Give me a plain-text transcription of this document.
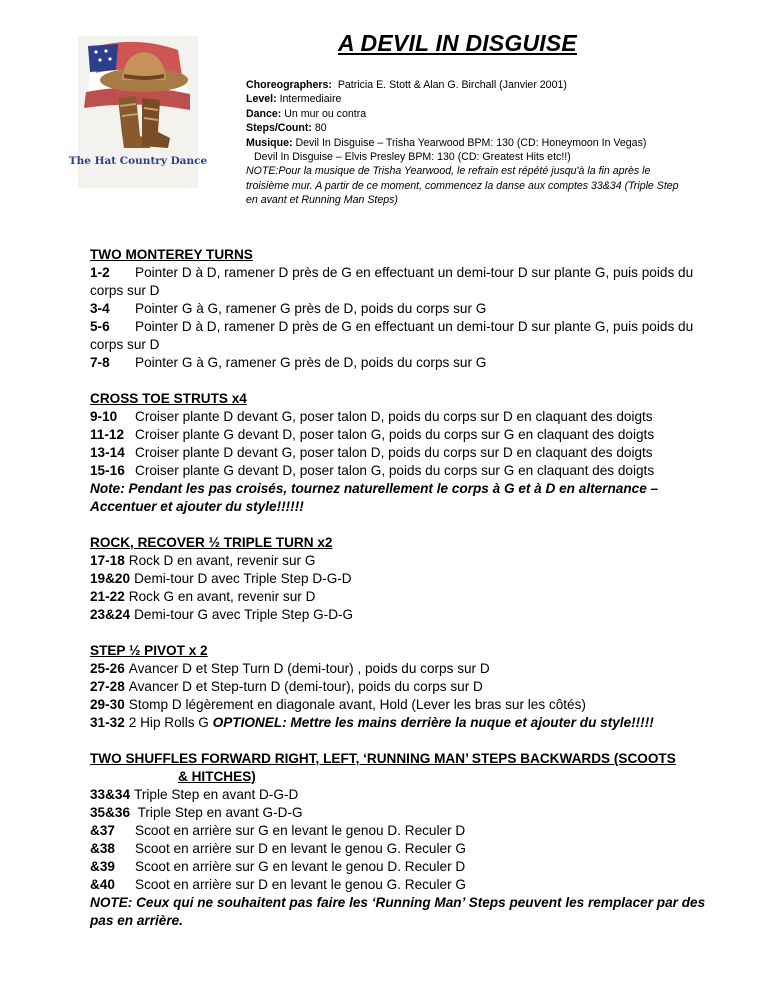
A DEVIL IN DISGUISE
The Hat Country Dance
Choreographers: Patricia E. Stott & Alan G. Birchall (Janvier 2001)
Level: Intermediaire
Dance: Un mur ou contra
Steps/Count: 80
Musique: Devil In Disguise – Trisha Yearwood BPM: 130 (CD: Honeymoon In Vegas)
Devil In Disguise – Elvis Presley BPM: 130 (CD: Greatest Hits etc!!)
NOTE:Pour la musique de Trisha Yearwood, le refrain est répété jusqu'à la fin après le troisième mur. A partir de ce moment, commencez la danse aux comptes 33&34 (Triple Step en avant et Running Man Steps)
TWO MONTEREY TURNS
1-2 Pointer D à D, ramener D près de G en effectuant un demi-tour D sur plante G, puis poids du corps sur D
3-4 Pointer G à G, ramener G près de D, poids du corps sur G
5-6 Pointer D à D, ramener D près de G en effectuant un demi-tour D sur plante G, puis poids du corps sur D
7-8 Pointer G à G, ramener G près de D, poids du corps sur G
CROSS TOE STRUTS x4
9-10 Croiser plante D devant G, poser talon D, poids du corps sur D en claquant des doigts
11-12 Croiser plante G devant D, poser talon G, poids du corps sur G en claquant des doigts
13-14 Croiser plante D devant G, poser talon D, poids du corps sur D en claquant des doigts
15-16 Croiser plante G devant D, poser talon G, poids du corps sur G en claquant des doigts
Note: Pendant les pas croisés, tournez naturellement le corps à G et à D en alternance – Accentuer et ajouter du style!!!!!!
ROCK, RECOVER ½ TRIPLE TURN x2
17-18 Rock D en avant, revenir sur G
19&20 Demi-tour D avec Triple Step D-G-D
21-22 Rock G en avant, revenir sur D
23&24 Demi-tour G avec Triple Step G-D-G
STEP ½ PIVOT x 2
25-26 Avancer D et Step Turn D (demi-tour) , poids du corps sur D
27-28 Avancer D et Step-turn D (demi-tour), poids du corps sur D
29-30 Stomp D légèrement en diagonale avant, Hold (Lever les bras sur les côtés)
31-32 2 Hip Rolls G OPTIONEL: Mettre les mains derrière la nuque et ajouter du style!!!!!
TWO SHUFFLES FORWARD RIGHT, LEFT, ‘RUNNING MAN’ STEPS BACKWARDS (SCOOTS
& HITCHES)
33&34 Triple Step en avant D-G-D
35&36 Triple Step en avant G-D-G
&37 Scoot en arrière sur G en levant le genou D. Reculer D
&38 Scoot en arrière sur D en levant le genou G. Reculer G
&39 Scoot en arrière sur G en levant le genou D. Reculer D
&40 Scoot en arrière sur D en levant le genou G. Reculer G
NOTE: Ceux qui ne souhaitent pas faire les ‘Running Man’ Steps peuvent les remplacer par des pas en arrière.
